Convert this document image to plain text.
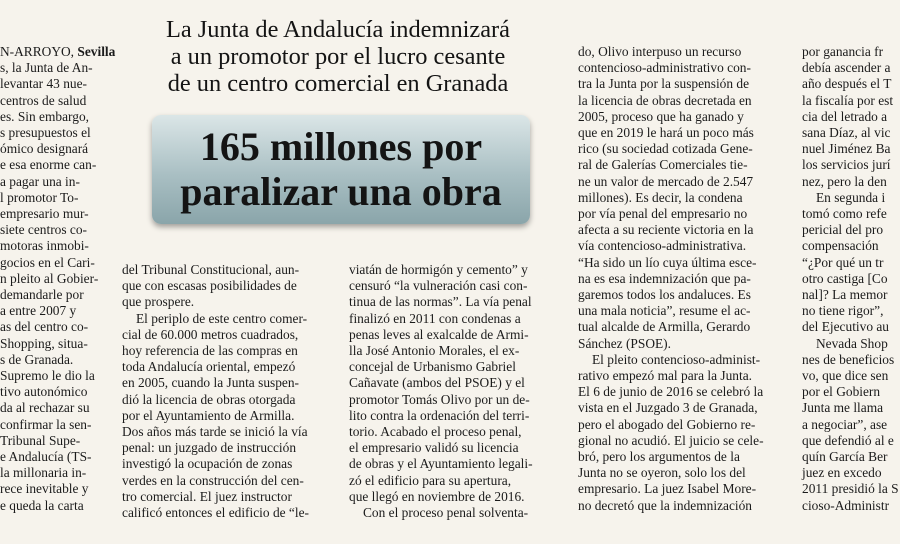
N-ARROYO, Sevilla
s, la Junta de An-
levantar 43 nue-
centros de salud
es. Sin embargo,
s presupuestos el
ómico designará
e esa enorme can-
a pagar una in-
l promotor To-
empresario mur-
siete centros co-
motoras inmobi-
gocios en el Cari-
n pleito al Gobier-
demandarle por
a entre 2007 y
as del centro co-
Shopping, situa-
s de Granada.
Supremo le dio la
tivo autonómico
da al rechazar su
confirmar la sen-
Tribunal Supe-
e Andalucía (TS-
la millonaria in-
rece inevitable y
e queda la carta
La Junta de Andalucía indemnizará
a un promotor por el lucro cesante
de un centro comercial en Granada
165 millones por
paralizar una obra
del Tribunal Constitucional, aun-
que con escasas posibilidades de
que prospere.
El periplo de este centro comer-
cial de 60.000 metros cuadrados,
hoy referencia de las compras en
toda Andalucía oriental, empezó
en 2005, cuando la Junta suspen-
dió la licencia de obras otorgada
por el Ayuntamiento de Armilla.
Dos años más tarde se inició la vía
penal: un juzgado de instrucción
investigó la ocupación de zonas
verdes en la construcción del cen-
tro comercial. El juez instructor
calificó entonces el edificio de “le-
viatán de hormigón y cemento” y
censuró “la vulneración casi con-
tinua de las normas”. La vía penal
finalizó en 2011 con condenas a
penas leves al exalcalde de Armi-
lla José Antonio Morales, el ex-
concejal de Urbanismo Gabriel
Cañavate (ambos del PSOE) y el
promotor Tomás Olivo por un de-
lito contra la ordenación del terri-
torio. Acabado el proceso penal,
el empresario validó su licencia
de obras y el Ayuntamiento legali-
zó el edificio para su apertura,
que llegó en noviembre de 2016.
Con el proceso penal solventa-
do, Olivo interpuso un recurso
contencioso-administrativo con-
tra la Junta por la suspensión de
la licencia de obras decretada en
2005, proceso que ha ganado y
que en 2019 le hará un poco más
rico (su sociedad cotizada Gene-
ral de Galerías Comerciales tie-
ne un valor de mercado de 2.547
millones). Es decir, la condena
por vía penal del empresario no
afecta a su reciente victoria en la
vía contencioso-administrativa.
“Ha sido un lío cuya última esce-
na es esa indemnización que pa-
garemos todos los andaluces. Es
una mala noticia”, resume el ac-
tual alcalde de Armilla, Gerardo
Sánchez (PSOE).
El pleito contencioso-administ-
rativo empezó mal para la Junta.
El 6 de junio de 2016 se celebró la
vista en el Juzgado 3 de Granada,
pero el abogado del Gobierno re-
gional no acudió. El juicio se cele-
bró, pero los argumentos de la
Junta no se oyeron, solo los del
empresario. La juez Isabel More-
no decretó que la indemnización
por ganancia fr
debía ascender a
año después el T
la fiscalía por est
cia del letrado a
sana Díaz, al vic
nuel Jiménez Ba
los servicios jurí
nez, pero la den
En segunda i
tomó como refe
pericial del pro
compensación
“¿Por qué un tr
otro castiga [Co
nal]? La memor
no tiene rigor”,
del Ejecutivo au
Nevada Shop
nes de beneficios
vo, que dice sen
por el Gobiern
Junta me llama
a negociar”, ase
que defendió al e
quín García Ber
juez en excedo
2011 presidió la S
cioso-Administr
